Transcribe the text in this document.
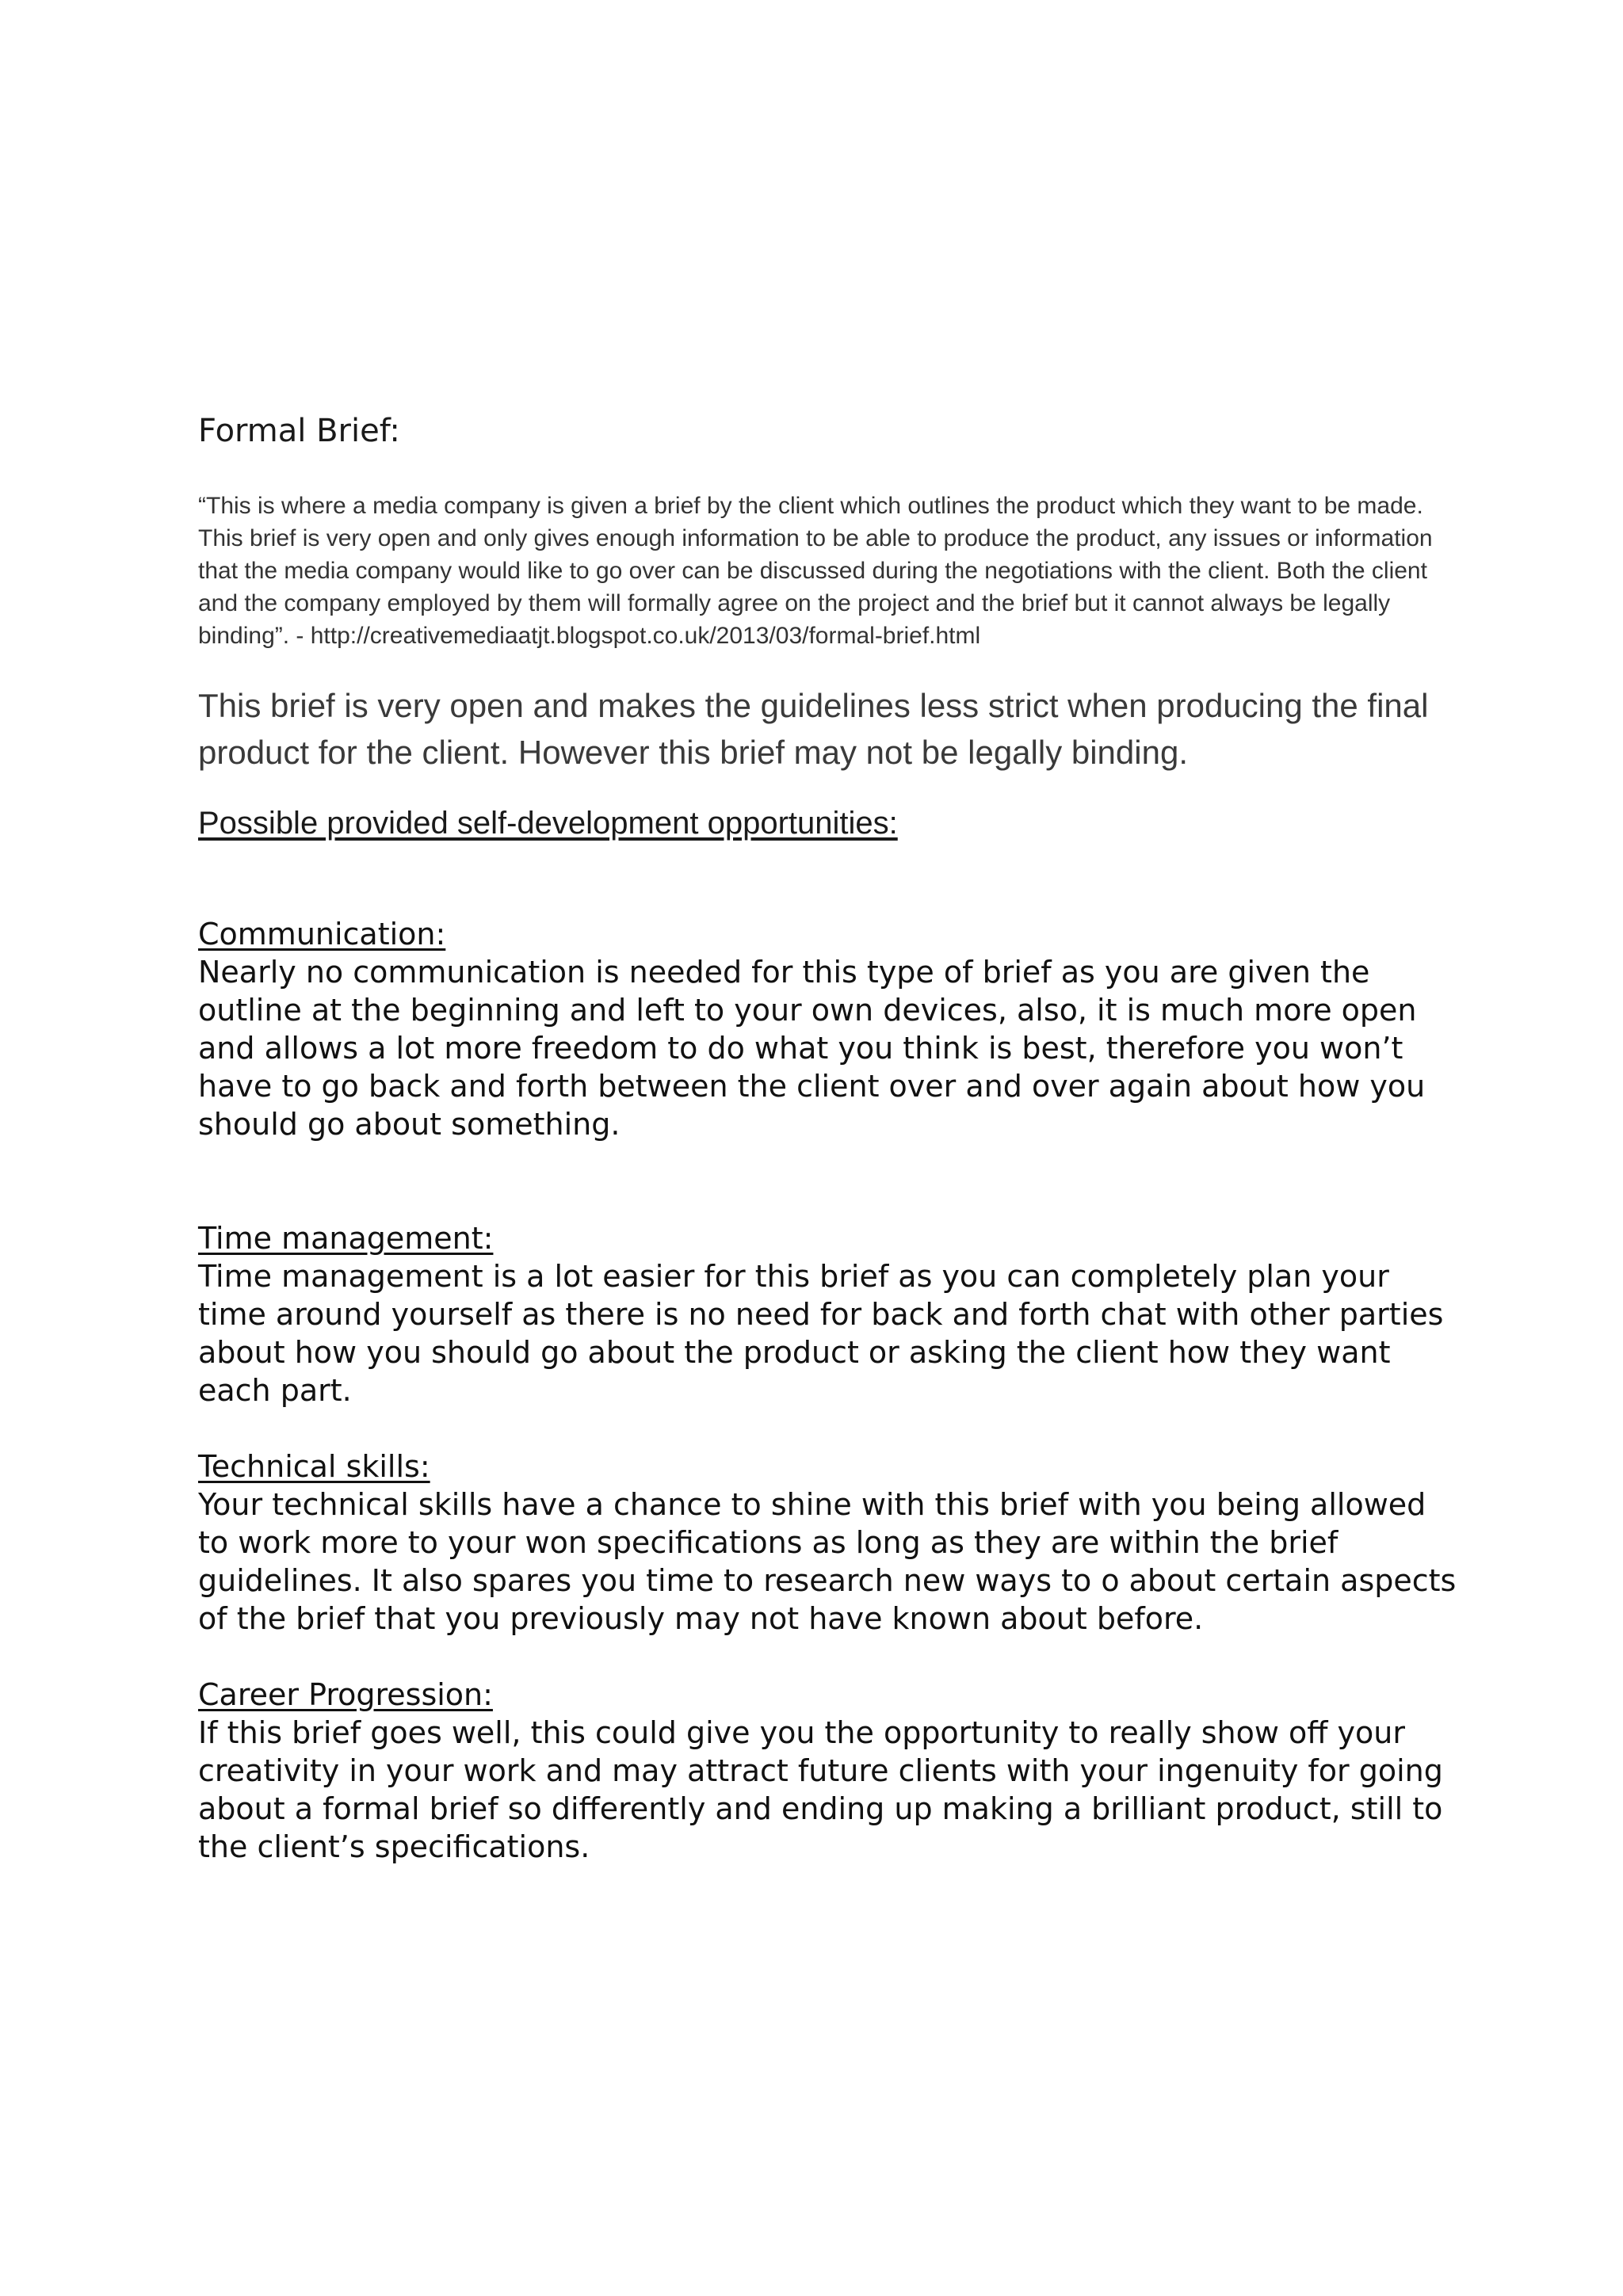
Formal Brief:

“This is where a media company is given a brief by the client which outlines the product which they want to be made. This brief is very open and only gives enough information to be able to produce the product, any issues or information that the media company would like to go over can be discussed during the negotiations with the client. Both the client and the company employed by them will formally agree on the project and the brief but it cannot always be legally binding”. - http://creativemediaatjt.blogspot.co.uk/2013/03/formal-brief.html

This brief is very open and makes the guidelines less strict when producing the final product for the client. However this brief may not be legally binding.

Possible provided self-development opportunities:
Communication:
Nearly no communication is needed for this type of brief as you are given the outline at the beginning and left to your own devices, also, it is much more open and allows a lot more freedom to do what you think is best, therefore you won’t have to go back and forth between the client over and over again about how you should go about something.
Time management:
Time management is a lot easier for this brief as you can completely plan your time around yourself as there is no need for back and forth chat with other parties about how you should go about the product or asking the client how they want each part.
Technical skills:
Your technical skills have a chance to shine with this brief with you being allowed to work more to your won specifications as long as they are within the brief guidelines. It also spares you time to research new ways to o about certain aspects of the brief that you previously may not have known about before.
Career Progression:
If this brief goes well, this could give you the opportunity to really show off your creativity in your work and may attract future clients with your ingenuity for going about a formal brief so differently and ending up making a brilliant product, still to the client’s specifications.
